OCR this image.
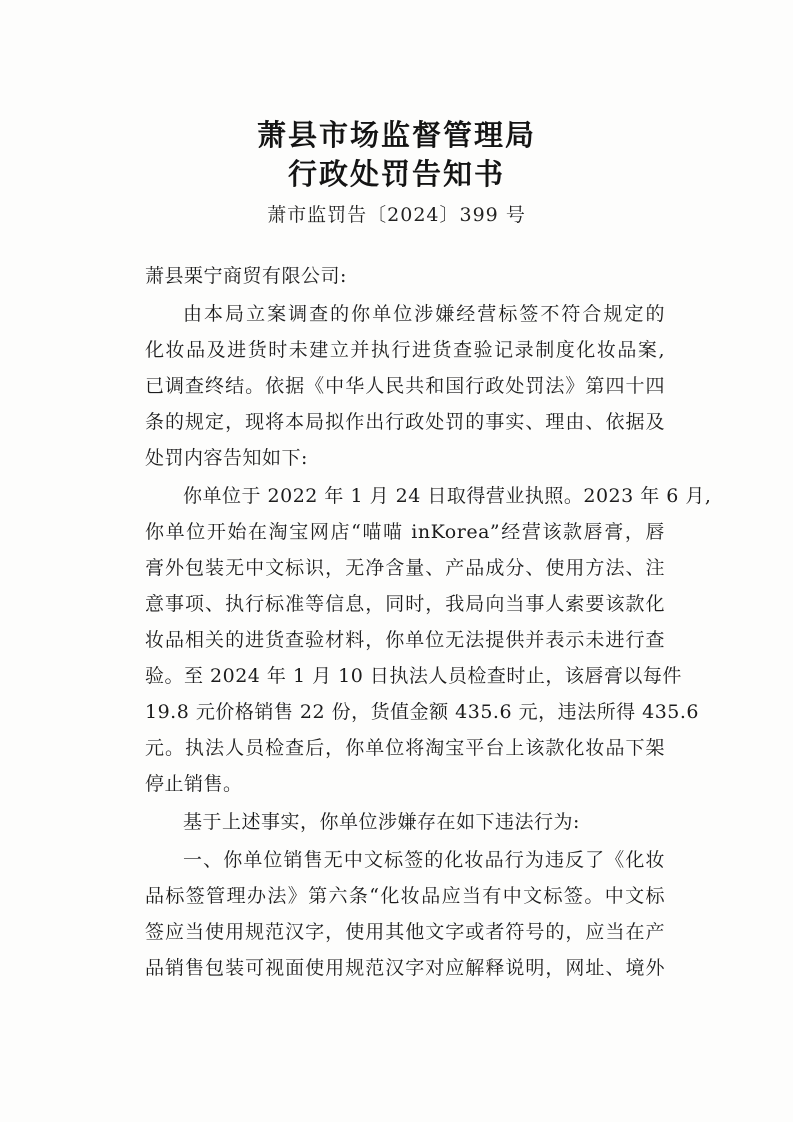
萧县市场监督管理局
行政处罚告知书
萧市监罚告〔2024〕399 号
萧县栗宁商贸有限公司:
由本局立案调查的你单位涉嫌经营标签不符合规定的
化妆品及进货时未建立并执行进货查验记录制度化妆品案,
已调查终结。依据《中华人民共和国行政处罚法》第四十四
条的规定，现将本局拟作出行政处罚的事实、理由、依据及
处罚内容告知如下:
你单位于 2022 年 1 月 24 日取得营业执照。2023 年 6 月,
你单位开始在淘宝网店“喵喵 inKorea”经营该款唇膏，唇
膏外包装无中文标识，无净含量、产品成分、使用方法、注
意事项、执行标准等信息，同时，我局向当事人索要该款化
妆品相关的进货查验材料，你单位无法提供并表示未进行查
验。至 2024 年 1 月 10 日执法人员检查时止，该唇膏以每件
19.8 元价格销售 22 份，货值金额 435.6 元，违法所得 435.6
元。执法人员检查后，你单位将淘宝平台上该款化妆品下架
停止销售。
基于上述事实，你单位涉嫌存在如下违法行为:
一、你单位销售无中文标签的化妆品行为违反了《化妆
品标签管理办法》第六条“化妆品应当有中文标签。中文标
签应当使用规范汉字，使用其他文字或者符号的，应当在产
品销售包装可视面使用规范汉字对应解释说明，网址、境外
